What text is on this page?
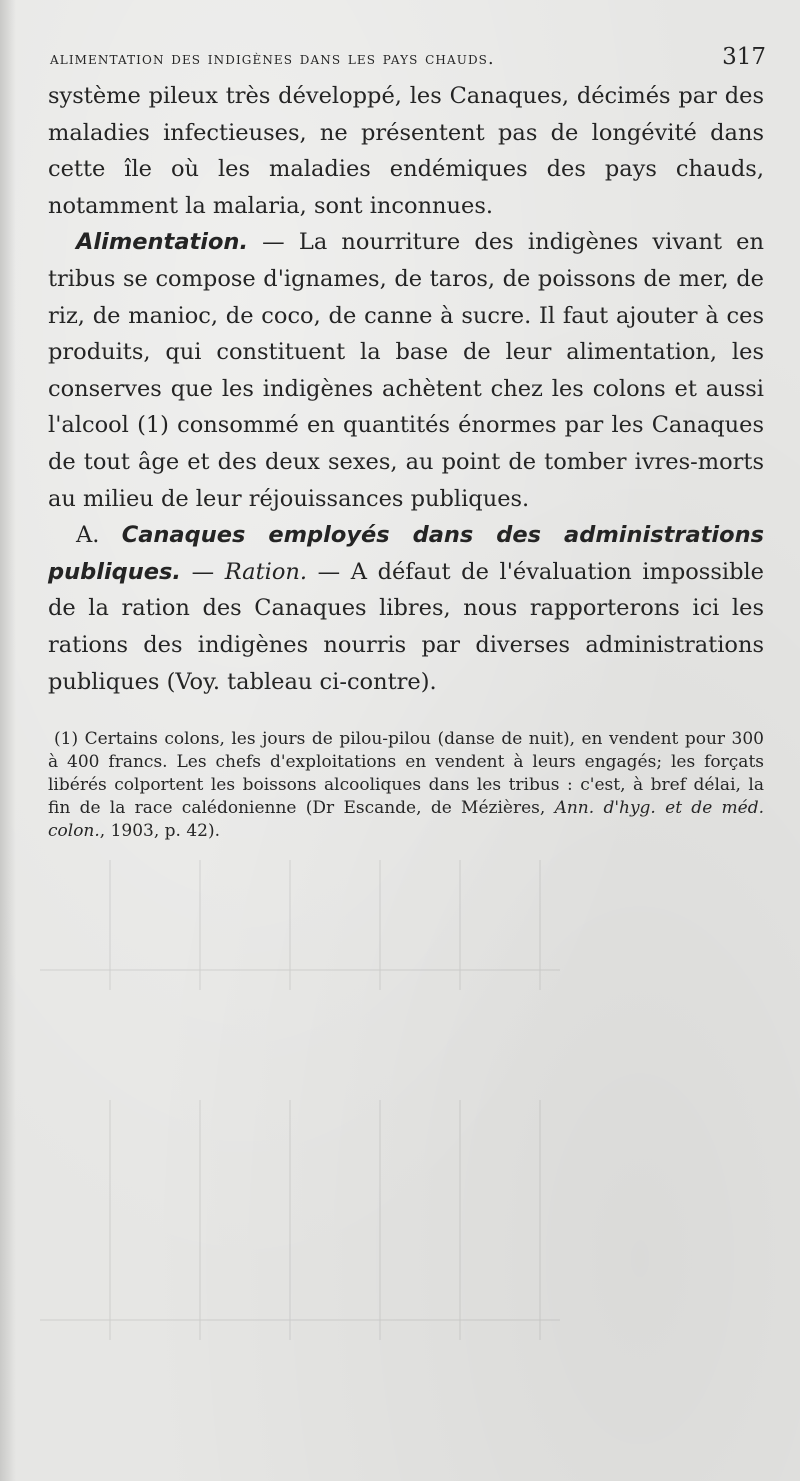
alimentation des indigènes dans les pays chauds.	317

système pileux très développé, les Canaques, décimés par des maladies infectieuses, ne présentent pas de longévité dans cette île où les maladies endémiques des pays chauds, notamment la malaria, sont inconnues.

Alimentation. — La nourriture des indigènes vivant en tribus se compose d'ignames, de taros, de poissons de mer, de riz, de manioc, de coco, de canne à sucre. Il faut ajouter à ces produits, qui constituent la base de leur alimentation, les conserves que les indigènes achètent chez les colons et aussi l'alcool (1) consommé en quantités énormes par les Canaques de tout âge et des deux sexes, au point de tomber ivres-morts au milieu de leur réjouissances publiques.

A. Canaques employés dans des administrations publiques. — Ration. — A défaut de l'évaluation impossible de la ration des Canaques libres, nous rapporterons ici les rations des indigènes nourris par diverses administrations publiques (Voy. tableau ci-contre).

(1) Certains colons, les jours de pilou-pilou (danse de nuit), en vendent pour 300 à 400 francs. Les chefs d'exploitations en vendent à leurs engagés; les forçats libérés colportent les boissons alcooliques dans les tribus : c'est, à bref délai, la fin de la race calédonienne (Dr Escande, de Mézières, Ann. d'hyg. et de méd. colon., 1903, p. 42).
